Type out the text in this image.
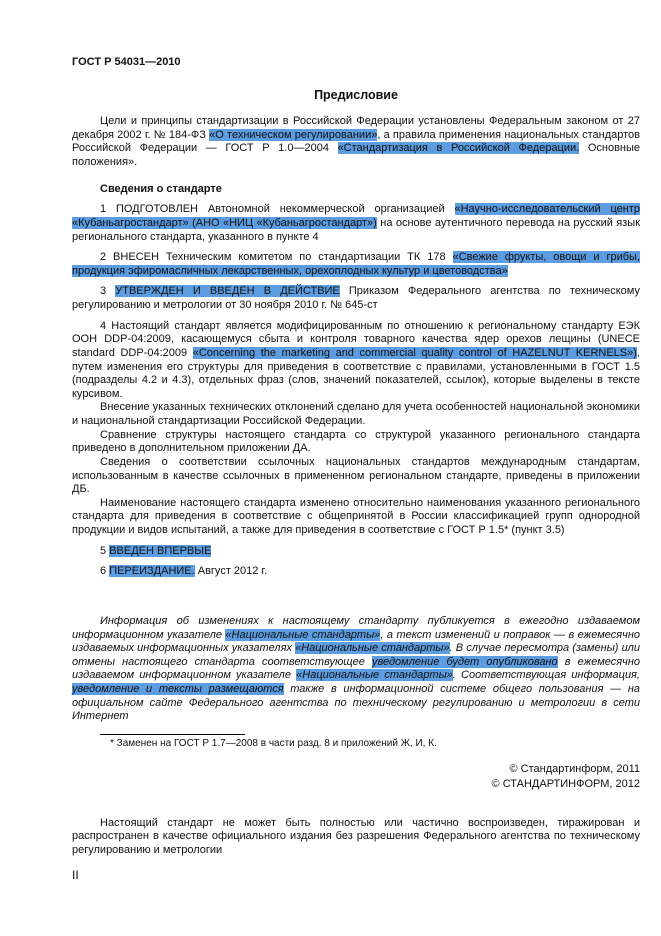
ГОСТ Р 54031—2010

Предисловие

Цели и принципы стандартизации в Российской Федерации установлены Федеральным законом от 27 декабря 2002 г. № 184-ФЗ «О техническом регулировании», а правила применения национальных стандартов Российской Федерации — ГОСТ Р 1.0—2004 «Стандартизация в Российской Федерации. Основные положения».

Сведения о стандарте

1 ПОДГОТОВЛЕН Автономной некоммерческой организацией «Научно-исследовательский центр «Кубаньагростандарт» (АНО «НИЦ «Кубаньагростандарт») на основе аутентичного перевода на русский язык регионального стандарта, указанного в пункте 4

2 ВНЕСЕН Техническим комитетом по стандартизации ТК 178 «Свежие фрукты, овощи и грибы, продукция эфиромасличных лекарственных, орехоплодных культур и цветоводства»

3 УТВЕРЖДЕН И ВВЕДЕН В ДЕЙСТВИЕ Приказом Федерального агентства по техническому регулированию и метрологии от 30 ноября 2010 г. № 645-ст

4 Настоящий стандарт является модифицированным по отношению к региональному стандарту ЕЭК ООН DDP-04:2009, касающемуся сбыта и контроля товарного качества ядер орехов лещины (UNECE standard DDP-04:2009 «Concerning the marketing and commercial quality control of HAZELNUT KERNELS»), путем изменения его структуры для приведения в соответствие с правилами, установленными в ГОСТ 1.5 (подразделы 4.2 и 4.3), отдельных фраз (слов, значений показателей, ссылок), которые выделены в тексте курсивом.

Внесение указанных технических отклонений сделано для учета особенностей национальной экономики и национальной стандартизации Российской Федерации.

Сравнение структуры настоящего стандарта со структурой указанного регионального стандарта приведено в дополнительном приложении ДА.

Сведения о соответствии ссылочных национальных стандартов международным стандартам, использованным в качестве ссылочных в примененном региональном стандарте, приведены в приложении ДБ.

Наименование настоящего стандарта изменено относительно наименования указанного регионального стандарта для приведения в соответствие с общепринятой в России классификацией групп однородной продукции и видов испытаний, а также для приведения в соответствие с ГОСТ Р 1.5* (пункт 3.5)

5 ВВЕДЕН ВПЕРВЫЕ

6 ПЕРЕИЗДАНИЕ. Август 2012 г.

Информация об изменениях к настоящему стандарту публикуется в ежегодно издаваемом информационном указателе «Национальные стандарты», а текст изменений и поправок — в ежемесячно издаваемых информационных указателях «Национальные стандарты». В случае пересмотра (замены) или отмены настоящего стандарта соответствующее уведомление будет опубликовано в ежемесячно издаваемом информационном указателе «Национальные стандарты». Соответствующая информация, уведомление и тексты размещаются также в информационной системе общего пользования — на официальном сайте Федерального агентства по техническому регулированию и метрологии в сети Интернет

* Заменен на ГОСТ Р 1.7—2008 в части разд. 8 и приложений Ж, И, К.

© Стандартинформ, 2011
© СТАНДАРТИНФОРМ, 2012

Настоящий стандарт не может быть полностью или частично воспроизведен, тиражирован и распространен в качестве официального издания без разрешения Федерального агентства по техническому регулированию и метрологии

II
